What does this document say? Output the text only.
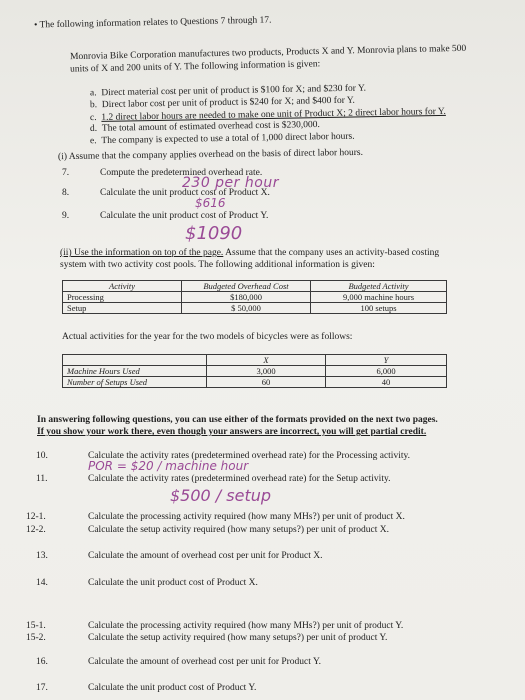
• The following information relates to Questions 7 through 17.
Monrovia Bike Corporation manufactures two products, Products X and Y. Monrovia plans to make 500
units of X and 200 units of Y. The following information is given:
a. Direct material cost per unit of product is $100 for X; and $230 for Y.
b. Direct labor cost per unit of product is $240 for X; and $400 for Y.
c. 1.2 direct labor hours are needed to make one unit of Product X; 2 direct labor hours for Y.
d. The total amount of estimated overhead cost is $230,000.
e. The company is expected to use a total of 1,000 direct labor hours.
(i) Assume that the company applies overhead on the basis of direct labor hours.
7.	Compute the predetermined overhead rate.
230 per hour
8.	Calculate the unit product cost of Product X.
$616
9.	Calculate the unit product cost of Product Y.
$1090
(ii) Use the information on top of the page. Assume that the company uses an activity-based costing
system with two activity cost pools. The following additional information is given:
Activity	Budgeted Overhead Cost	Budgeted Activity
Processing	$180,000	9,000 machine hours
Setup	$ 50,000	100 setups
Actual activities for the year for the two models of bicycles were as follows:
	X	Y
Machine Hours Used	3,000	6,000
Number of Setups Used	60	40
In answering following questions, you can use either of the formats provided on the next two pages.
If you show your work there, even though your answers are incorrect, you will get partial credit.
10.	Calculate the activity rates (predetermined overhead rate) for the Processing activity.
POR = $20 / machine hour
11.	Calculate the activity rates (predetermined overhead rate) for the Setup activity.
$500 / setup
12-1.	Calculate the processing activity required (how many MHs?) per unit of product X.
12-2.	Calculate the setup activity required (how many setups?) per unit of product X.
13.	Calculate the amount of overhead cost per unit for Product X.
14.	Calculate the unit product cost of Product X.
15-1.	Calculate the processing activity required (how many MHs?) per unit of product Y.
15-2.	Calculate the setup activity required (how many setups?) per unit of product Y.
16.	Calculate the amount of overhead cost per unit for Product Y.
17.	Calculate the unit product cost of Product Y.
